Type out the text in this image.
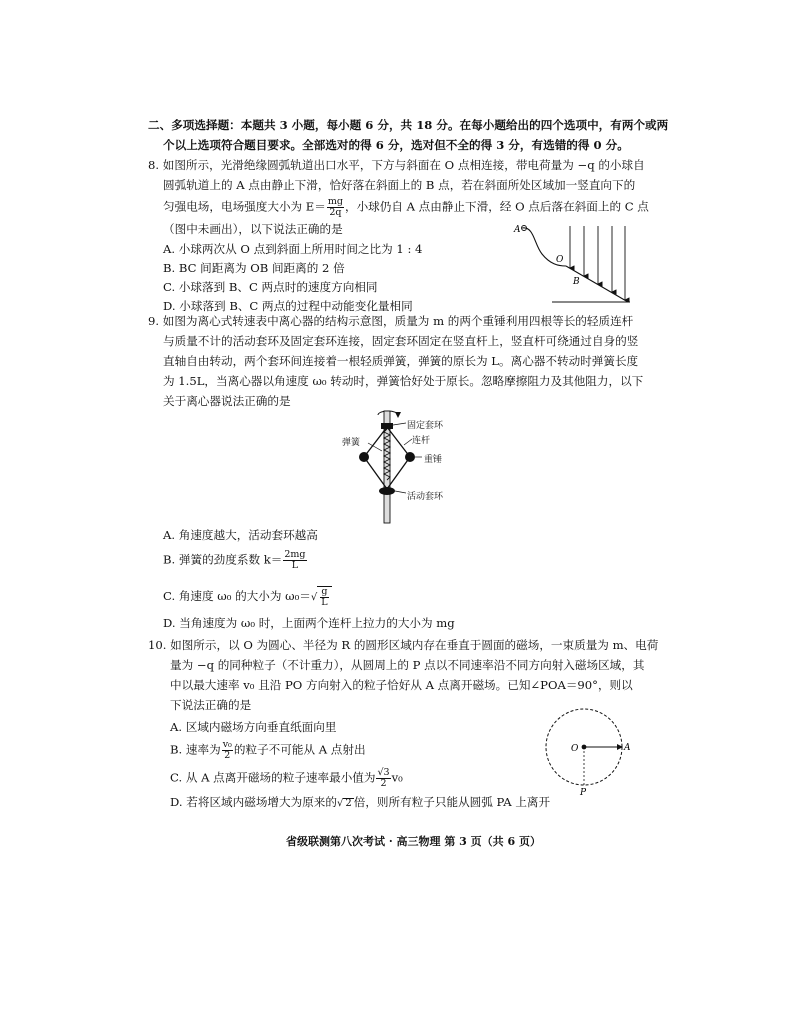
二、多项选择题：本题共 3 小题，每小题 6 分，共 18 分。在每小题给出的四个选项中，有两个或两
个以上选项符合题目要求。全部选对的得 6 分，选对但不全的得 3 分，有选错的得 0 分。
8. 如图所示，光滑绝缘圆弧轨道出口水平，下方与斜面在 O 点相连接，带电荷量为 −q 的小球自
圆弧轨道上的 A 点由静止下滑，恰好落在斜面上的 B 点，若在斜面所处区域加一竖直向下的
匀强电场，电场强度大小为 $E= \frac{mg}{2q}$ ，小球仍自 A 点由静止下滑，经 O 点后落在斜面上的 C 点
（图中未画出），以下说法正确的是
A. 小球两次从 O 点到斜面上所用时间之比为 1 : 4
B. BC 间距离为 OB 间距离的 2 倍
C. 小球落到 B、C 两点时的速度方向相同
D. 小球落到 B、C 两点的过程中动能变化量相同
A
O
B
9. 如图为离心式转速表中离心器的结构示意图，质量为 m 的两个重锤利用四根等长的轻质连杆
与质量不计的活动套环及固定套环连接，固定套环固定在竖直杆上，竖直杆可绕通过自身的竖
直轴自由转动，两个套环间连接着一根轻质弹簧，弹簧的原长为 L。离心器不转动时弹簧长度
为 1.5L，当离心器以角速度 ω₀ 转动时，弹簧恰好处于原长。忽略摩擦阻力及其他阻力，以下
关于离心器说法正确的是
固定套环
弹簧	连杆
重锤
活动套环
A. 角速度越大，活动套环越高
B. 弹簧的劲度系数 $k= \frac{2mg}{L}$
C. 角速度 ω₀ 的大小为 $\omega_0=√ \frac{g}{L}$
D. 当角速度为 ω₀ 时，上面两个连杆上拉力的大小为 mg
10. 如图所示，以 O 为圆心、半径为 R 的圆形区域内存在垂直于圆面的磁场，一束质量为 m、电荷
量为 −q 的同种粒子（不计重力），从圆周上的 P 点以不同速率沿不同方向射入磁场区域，其
中以最大速率 v₀ 且沿 PO 方向射入的粒子恰好从 A 点离开磁场。已知∠POA＝90°，则以
下说法正确的是
A. 区域内磁场方向垂直纸面向里
B. 速率为 $\frac{\text{v₀}}{2}$ 的粒子不可能从 A 点射出
C. 从 A 点离开磁场的粒子速率最小值为 $\frac{√3}{2} v_0$
D. 若将区域内磁场增大为原来的√ 2 倍，则所有粒子只能从圆弧 PA 上离开
O	A
P
省级联测第八次考试 · 高三物理 第 3 页（共 6 页）
